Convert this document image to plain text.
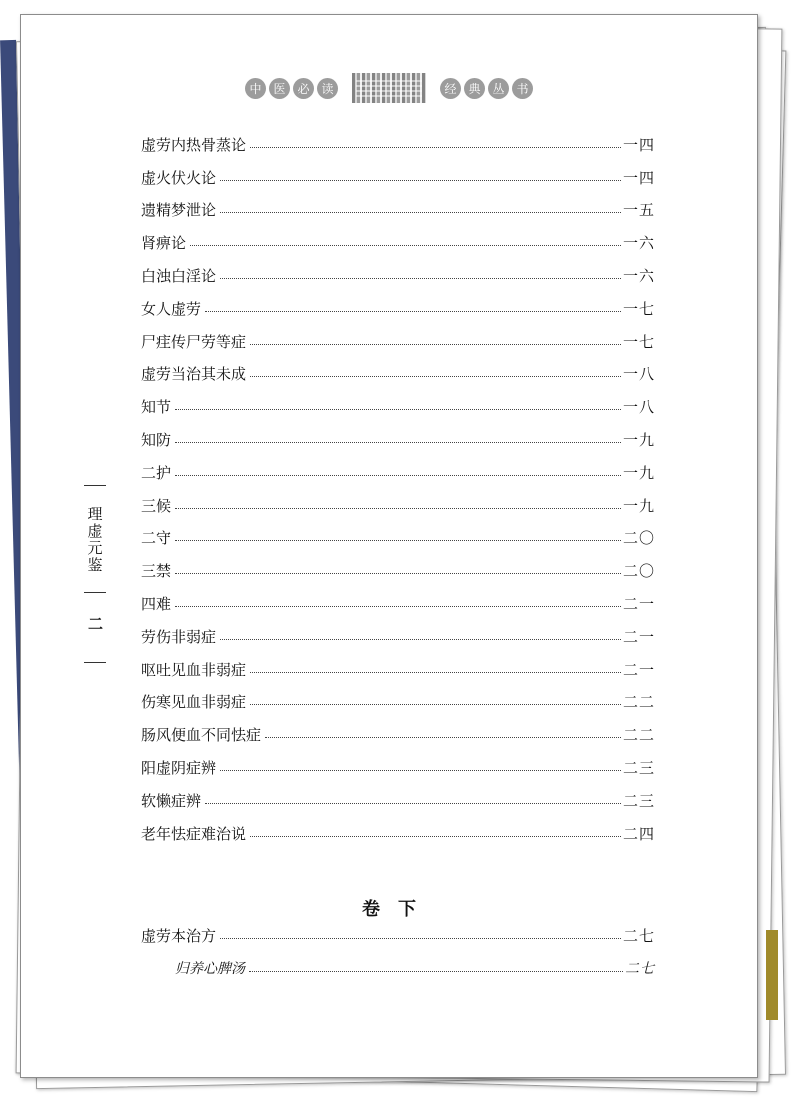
中 医 必 读	经 典 丛 书
理虚元鉴
二
虚劳内热骨蒸论	一四
虚火伏火论	一四
遗精梦泄论	一五
肾痹论	一六
白浊白淫论	一六
女人虚劳	一七
尸疰传尸劳等症	一七
虚劳当治其未成	一八
知节	一八
知防	一九
二护	一九
三候	一九
二守	二〇
三禁	二〇
四难	二一
劳伤非弱症	二一
呕吐见血非弱症	二一
伤寒见血非弱症	二二
肠风便血不同怯症	二二
阳虚阴症辨	二三
软懒症辨	二三
老年怯症难治说	二四
卷下
虚劳本治方	二七
归养心脾汤	二七
